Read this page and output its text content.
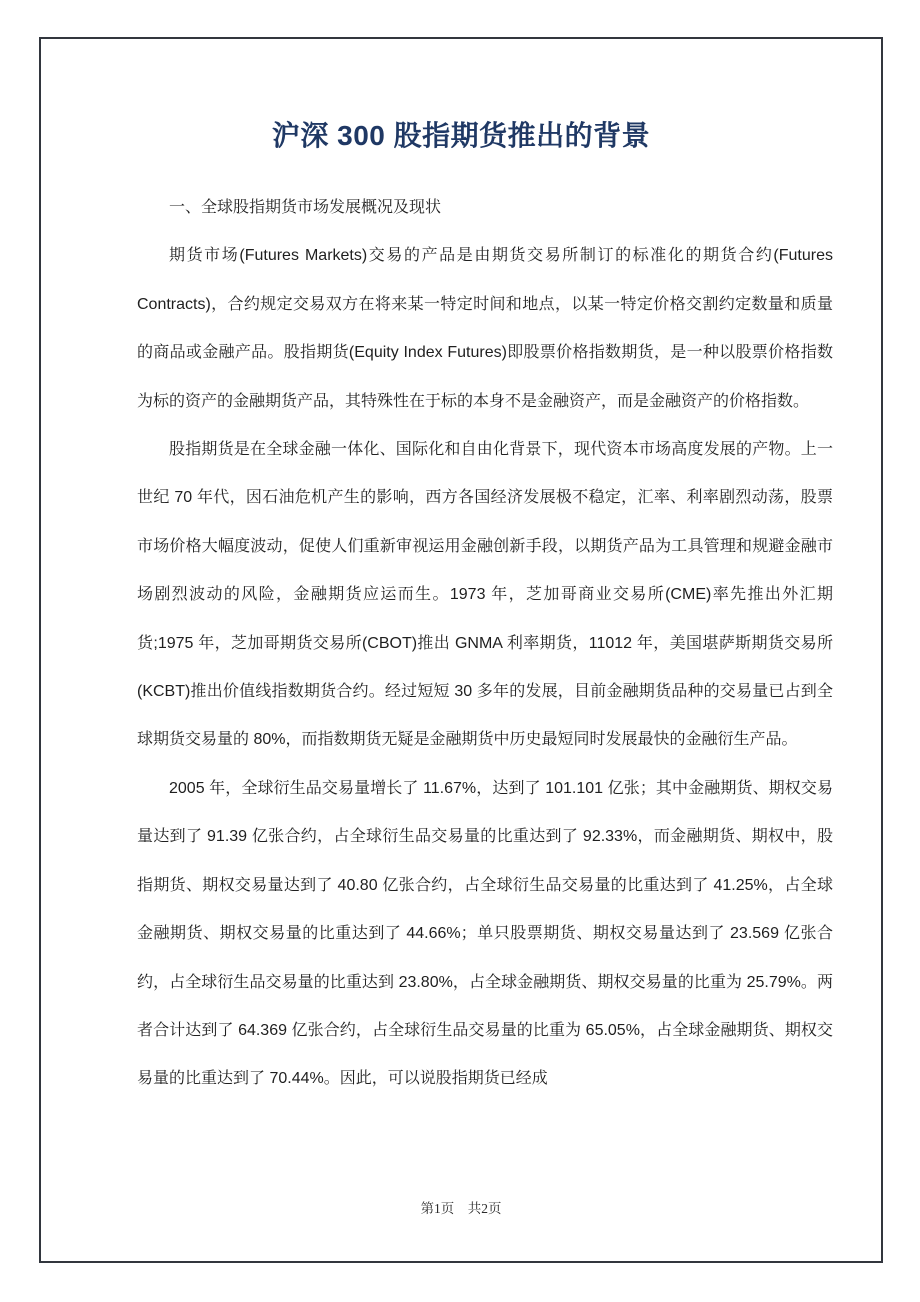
沪深 300 股指期货推出的背景

一、全球股指期货市场发展概况及现状

期货市场(Futures Markets)交易的产品是由期货交易所制订的标准化的期货合约(Futures Contracts)，合约规定交易双方在将来某一特定时间和地点，以某一特定价格交割约定数量和质量的商品或金融产品。股指期货(Equity Index Futures)即股票价格指数期货，是一种以股票价格指数为标的资产的金融期货产品，其特殊性在于标的本身不是金融资产，而是金融资产的价格指数。

股指期货是在全球金融一体化、国际化和自由化背景下，现代资本市场高度发展的产物。上一世纪 70 年代，因石油危机产生的影响，西方各国经济发展极不稳定，汇率、利率剧烈动荡，股票市场价格大幅度波动，促使人们重新审视运用金融创新手段，以期货产品为工具管理和规避金融市场剧烈波动的风险，金融期货应运而生。1973 年，芝加哥商业交易所(CME)率先推出外汇期货;1975 年，芝加哥期货交易所(CBOT)推出 GNMA 利率期货，11012 年，美国堪萨斯期货交易所(KCBT)推出价值线指数期货合约。经过短短 30 多年的发展，目前金融期货品种的交易量已占到全球期货交易量的 80%，而指数期货无疑是金融期货中历史最短同时发展最快的金融衍生产品。

2005 年，全球衍生品交易量增长了 11.67%，达到了 101.101 亿张；其中金融期货、期权交易量达到了 91.39 亿张合约，占全球衍生品交易量的比重达到了 92.33%，而金融期货、期权中，股指期货、期权交易量达到了 40.80 亿张合约，占全球衍生品交易量的比重达到了 41.25%，占全球金融期货、期权交易量的比重达到了 44.66%；单只股票期货、期权交易量达到了 23.569 亿张合约，占全球衍生品交易量的比重达到 23.80%，占全球金融期货、期权交易量的比重为 25.79%。两者合计达到了 64.369 亿张合约，占全球衍生品交易量的比重为 65.05%，占全球金融期货、期权交易量的比重达到了 70.44%。因此，可以说股指期货已经成

第1页　共2页
